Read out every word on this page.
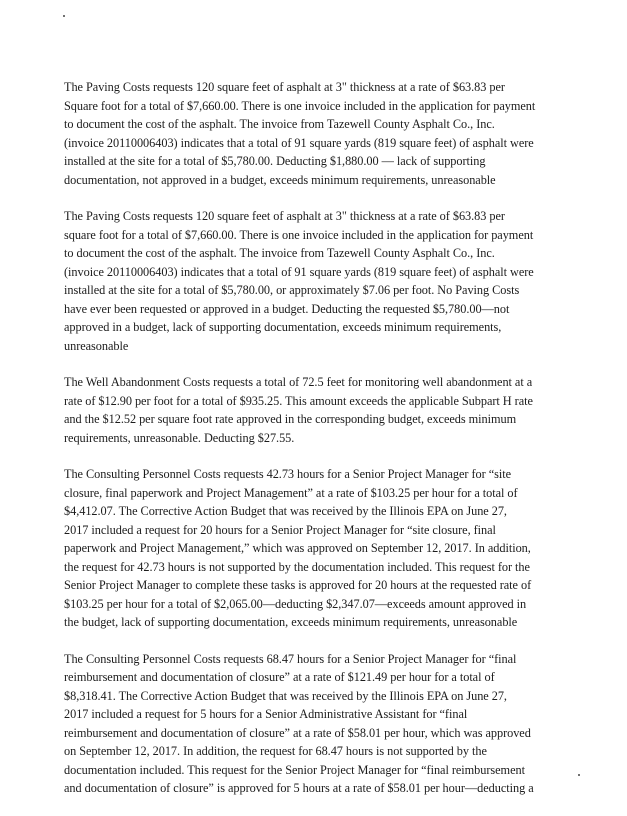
The Paving Costs requests 120 square feet of asphalt at 3" thickness at a rate of $63.83 per
Square foot for a total of $7,660.00. There is one invoice included in the application for payment
to document the cost of the asphalt. The invoice from Tazewell County Asphalt Co., Inc.
(invoice 20110006403) indicates that a total of 91 square yards (819 square feet) of asphalt were
installed at the site for a total of $5,780.00. Deducting $1,880.00 — lack of supporting
documentation, not approved in a budget, exceeds minimum requirements, unreasonable

The Paving Costs requests 120 square feet of asphalt at 3" thickness at a rate of $63.83 per
square foot for a total of $7,660.00. There is one invoice included in the application for payment
to document the cost of the asphalt. The invoice from Tazewell County Asphalt Co., Inc.
(invoice 20110006403) indicates that a total of 91 square yards (819 square feet) of asphalt were
installed at the site for a total of $5,780.00, or approximately $7.06 per foot. No Paving Costs
have ever been requested or approved in a budget. Deducting the requested $5,780.00—not
approved in a budget, lack of supporting documentation, exceeds minimum requirements,
unreasonable

The Well Abandonment Costs requests a total of 72.5 feet for monitoring well abandonment at a
rate of $12.90 per foot for a total of $935.25. This amount exceeds the applicable Subpart H rate
and the $12.52 per square foot rate approved in the corresponding budget, exceeds minimum
requirements, unreasonable. Deducting $27.55.

The Consulting Personnel Costs requests 42.73 hours for a Senior Project Manager for “site
closure, final paperwork and Project Management” at a rate of $103.25 per hour for a total of
$4,412.07. The Corrective Action Budget that was received by the Illinois EPA on June 27,
2017 included a request for 20 hours for a Senior Project Manager for “site closure, final
paperwork and Project Management,” which was approved on September 12, 2017. In addition,
the request for 42.73 hours is not supported by the documentation included. This request for the
Senior Project Manager to complete these tasks is approved for 20 hours at the requested rate of
$103.25 per hour for a total of $2,065.00—deducting $2,347.07—exceeds amount approved in
the budget, lack of supporting documentation, exceeds minimum requirements, unreasonable

The Consulting Personnel Costs requests 68.47 hours for a Senior Project Manager for “final
reimbursement and documentation of closure” at a rate of $121.49 per hour for a total of
$8,318.41. The Corrective Action Budget that was received by the Illinois EPA on June 27,
2017 included a request for 5 hours for a Senior Administrative Assistant for “final
reimbursement and documentation of closure” at a rate of $58.01 per hour, which was approved
on September 12, 2017. In addition, the request for 68.47 hours is not supported by the
documentation included. This request for the Senior Project Manager for “final reimbursement
and documentation of closure” is approved for 5 hours at a rate of $58.01 per hour—deducting a
